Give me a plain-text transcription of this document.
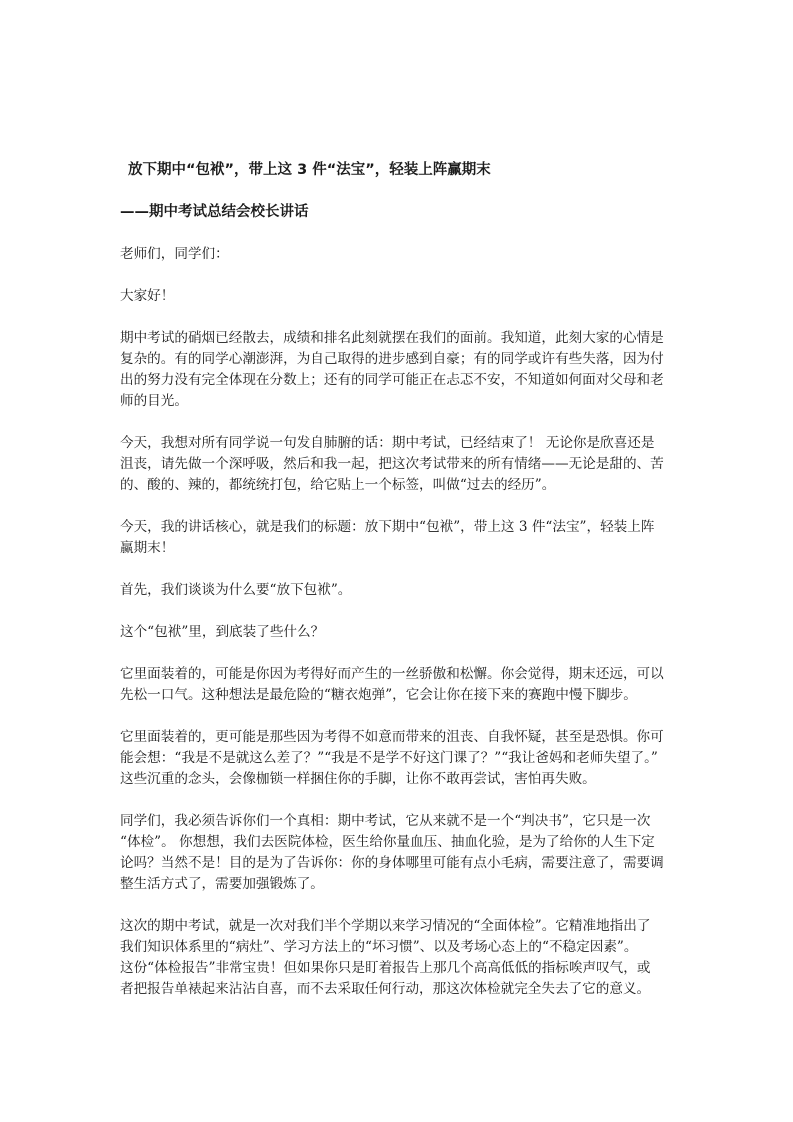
放下期中“包袱”，带上这 3 件“法宝”，轻装上阵赢期末
——期中考试总结会校长讲话

老师们，同学们：

大家好！

期中考试的硝烟已经散去，成绩和排名此刻就摆在我们的面前。我知道，此刻大家的心情是
复杂的。有的同学心潮澎湃，为自己取得的进步感到自豪；有的同学或许有些失落，因为付
出的努力没有完全体现在分数上；还有的同学可能正在忐忑不安，不知道如何面对父母和老
师的目光。

今天，我想对所有同学说一句发自肺腑的话：期中考试，已经结束了！ 无论你是欣喜还是
沮丧，请先做一个深呼吸，然后和我一起，把这次考试带来的所有情绪——无论是甜的、苦
的、酸的、辣的，都统统打包，给它贴上一个标签，叫做“过去的经历”。

今天，我的讲话核心，就是我们的标题：放下期中“包袱”，带上这 3 件“法宝”，轻装上阵
赢期末！

首先，我们谈谈为什么要“放下包袱”。

这个“包袱”里，到底装了些什么？

它里面装着的，可能是你因为考得好而产生的一丝骄傲和松懈。你会觉得，期末还远，可以
先松一口气。这种想法是最危险的“糖衣炮弹”，它会让你在接下来的赛跑中慢下脚步。

它里面装着的，更可能是那些因为考得不如意而带来的沮丧、自我怀疑，甚至是恐惧。你可
能会想：“我是不是就这么差了？”“我是不是学不好这门课了？”“我让爸妈和老师失望了。”
这些沉重的念头，会像枷锁一样捆住你的手脚，让你不敢再尝试，害怕再失败。

同学们，我必须告诉你们一个真相：期中考试，它从来就不是一个“判决书”，它只是一次
“体检”。 你想想，我们去医院体检，医生给你量血压、抽血化验，是为了给你的人生下定
论吗？当然不是！目的是为了告诉你：你的身体哪里可能有点小毛病，需要注意了，需要调
整生活方式了，需要加强锻炼了。

这次的期中考试，就是一次对我们半个学期以来学习情况的“全面体检”。它精准地指出了
我们知识体系里的“病灶”、学习方法上的“坏习惯”、以及考场心态上的“不稳定因素”。
这份“体检报告”非常宝贵！但如果你只是盯着报告上那几个高高低低的指标唉声叹气，或
者把报告单裱起来沾沾自喜，而不去采取任何行动，那这次体检就完全失去了它的意义。
